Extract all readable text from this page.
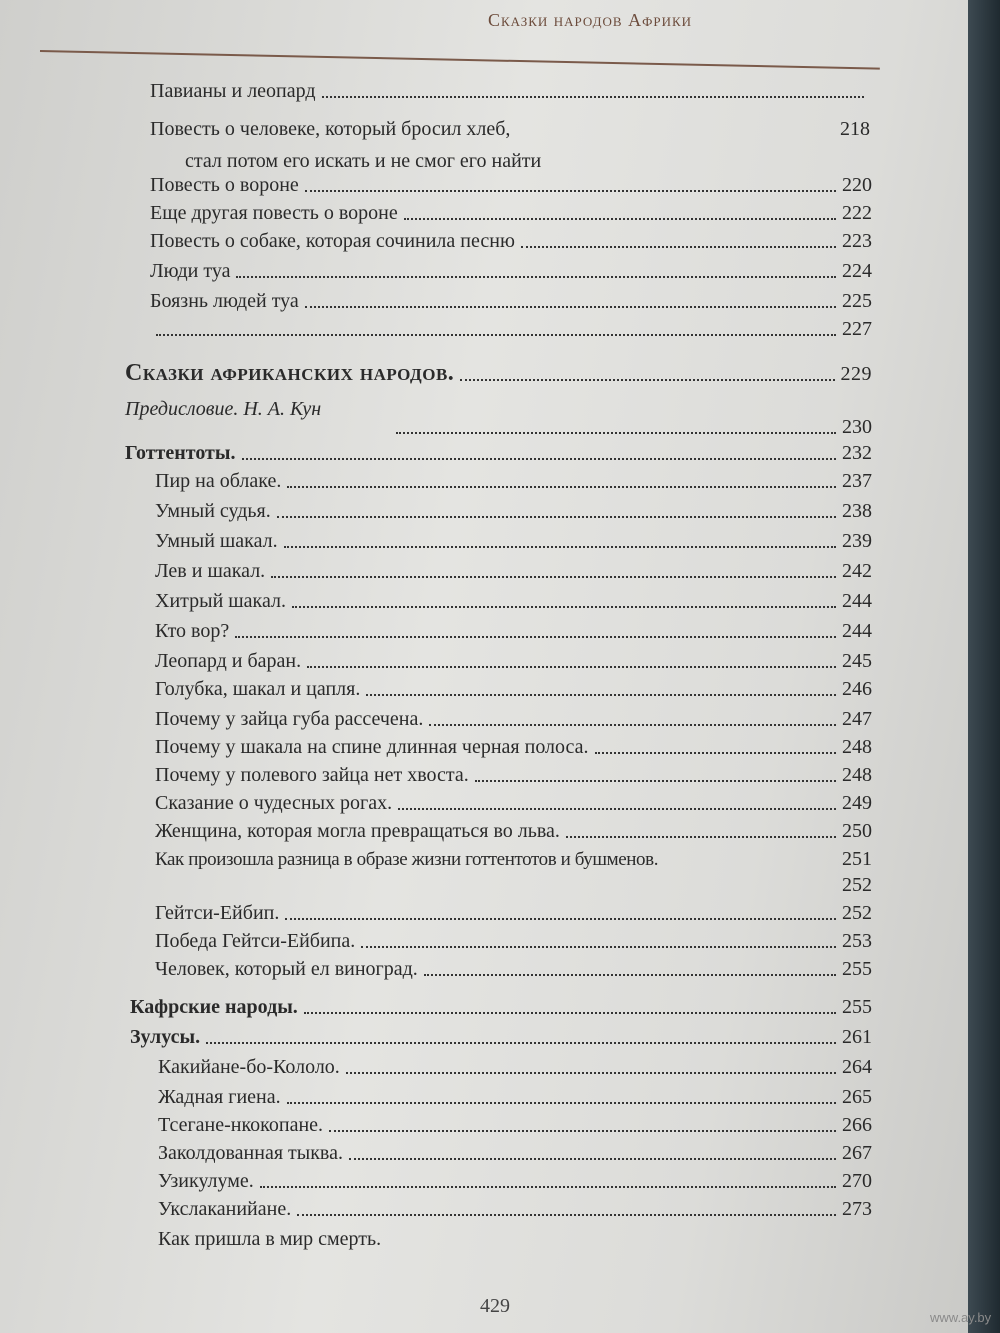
Сказки народов Африки
Павианы и леопард
Повесть о человеке, который бросил хлеб,	218
стал потом его искать и не смог его найти
Повесть о вороне	220
Еще другая повесть о вороне	222
Повесть о собаке, которая сочинила песню	223
Люди туа	224
Боязнь людей туа	225
227
Сказки африканских народов.	229
Предисловие. Н. А. Кун
230
Готтентоты.	232
Пир на облаке.	237
Умный судья.	238
Умный шакал.	239
Лев и шакал.	242
Хитрый шакал.	244
Кто вор?	244
Леопард и баран.	245
Голубка, шакал и цапля.	246
Почему у зайца губа рассечена.	247
Почему у шакала на спине длинная черная полоса.	248
Почему у полевого зайца нет хвоста.	248
Сказание о чудесных рогах.	249
Женщина, которая могла превращаться во льва.	250
Как произошла разница в образе жизни готтентотов и бушменов.	251
252
Гейтси-Ейбип.	252
Победа Гейтси-Ейбипа.	253
Человек, который ел виноград.	255
Кафрские народы.	255
Зулусы.	261
Какийане-бо-Кололо.	264
Жадная гиена.	265
Тсегане-нкокопане.	266
Заколдованная тыква.	267
Узикулуме.	270
Укслаканийане.	273
Как пришла в мир смерть.
429
www.ay.by
